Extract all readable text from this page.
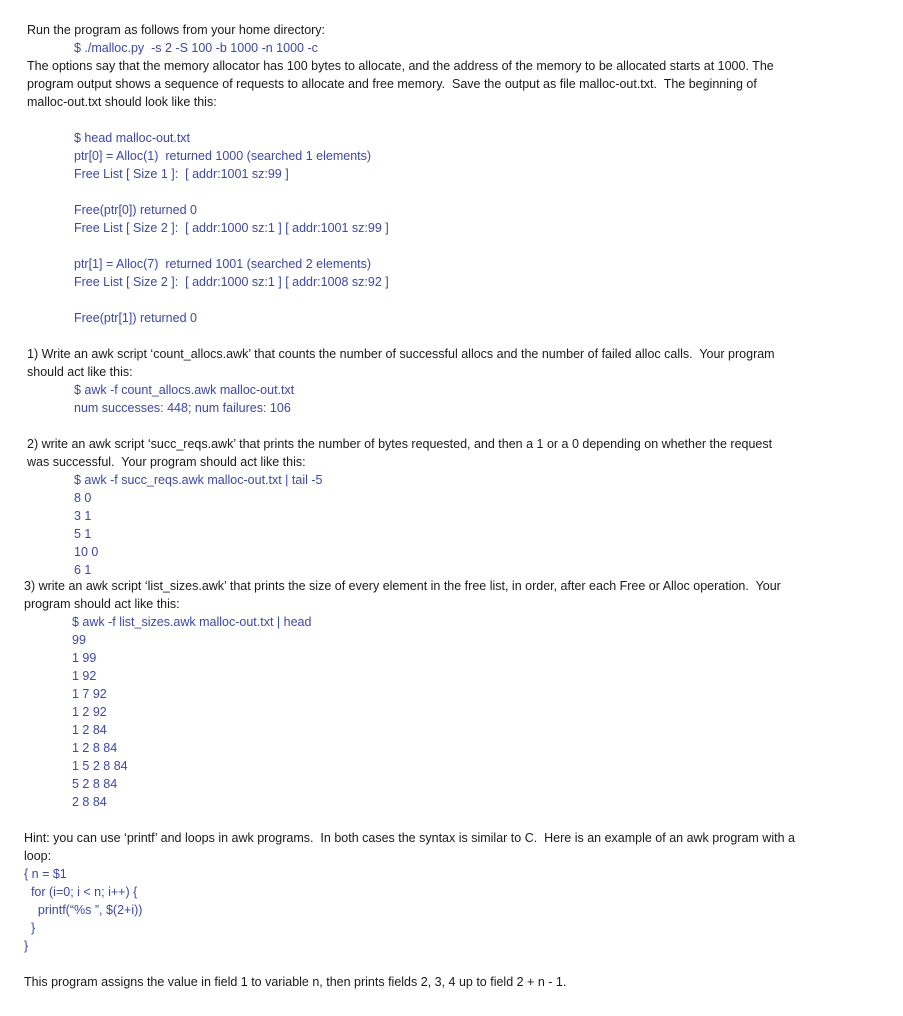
Run the program as follows from your home directory:
$ ./malloc.py  -s 2 -S 100 -b 1000 -n 1000 -c
The options say that the memory allocator has 100 bytes to allocate, and the address of the memory to be allocated starts at 1000. The
program output shows a sequence of requests to allocate and free memory.  Save the output as file malloc-out.txt.  The beginning of
malloc-out.txt should look like this:
$ head malloc-out.txt
ptr[0] = Alloc(1)  returned 1000 (searched 1 elements)
Free List [ Size 1 ]:  [ addr:1001 sz:99 ]
Free(ptr[0]) returned 0
Free List [ Size 2 ]:  [ addr:1000 sz:1 ] [ addr:1001 sz:99 ]
ptr[1] = Alloc(7)  returned 1001 (searched 2 elements)
Free List [ Size 2 ]:  [ addr:1000 sz:1 ] [ addr:1008 sz:92 ]
Free(ptr[1]) returned 0
1) Write an awk script ‘count_allocs.awk’ that counts the number of successful allocs and the number of failed alloc calls.  Your program
should act like this:
$ awk -f count_allocs.awk malloc-out.txt
num successes: 448; num failures: 106
2) write an awk script ‘succ_reqs.awk’ that prints the number of bytes requested, and then a 1 or a 0 depending on whether the request
was successful.  Your program should act like this:
$ awk -f succ_reqs.awk malloc-out.txt | tail -5
8 0
3 1
5 1
10 0
6 1
3) write an awk script ‘list_sizes.awk’ that prints the size of every element in the free list, in order, after each Free or Alloc operation.  Your
program should act like this:
$ awk -f list_sizes.awk malloc-out.txt | head
99
1 99
1 92
1 7 92
1 2 92
1 2 84
1 2 8 84
1 5 2 8 84
5 2 8 84
2 8 84
Hint: you can use ‘printf’ and loops in awk programs.  In both cases the syntax is similar to C.  Here is an example of an awk program with a
loop:
{ n = $1
for (i=0; i < n; i++) {
printf(“%s ”, $(2+i))
}
}
This program assigns the value in field 1 to variable n, then prints fields 2, 3, 4 up to field 2 + n - 1.
